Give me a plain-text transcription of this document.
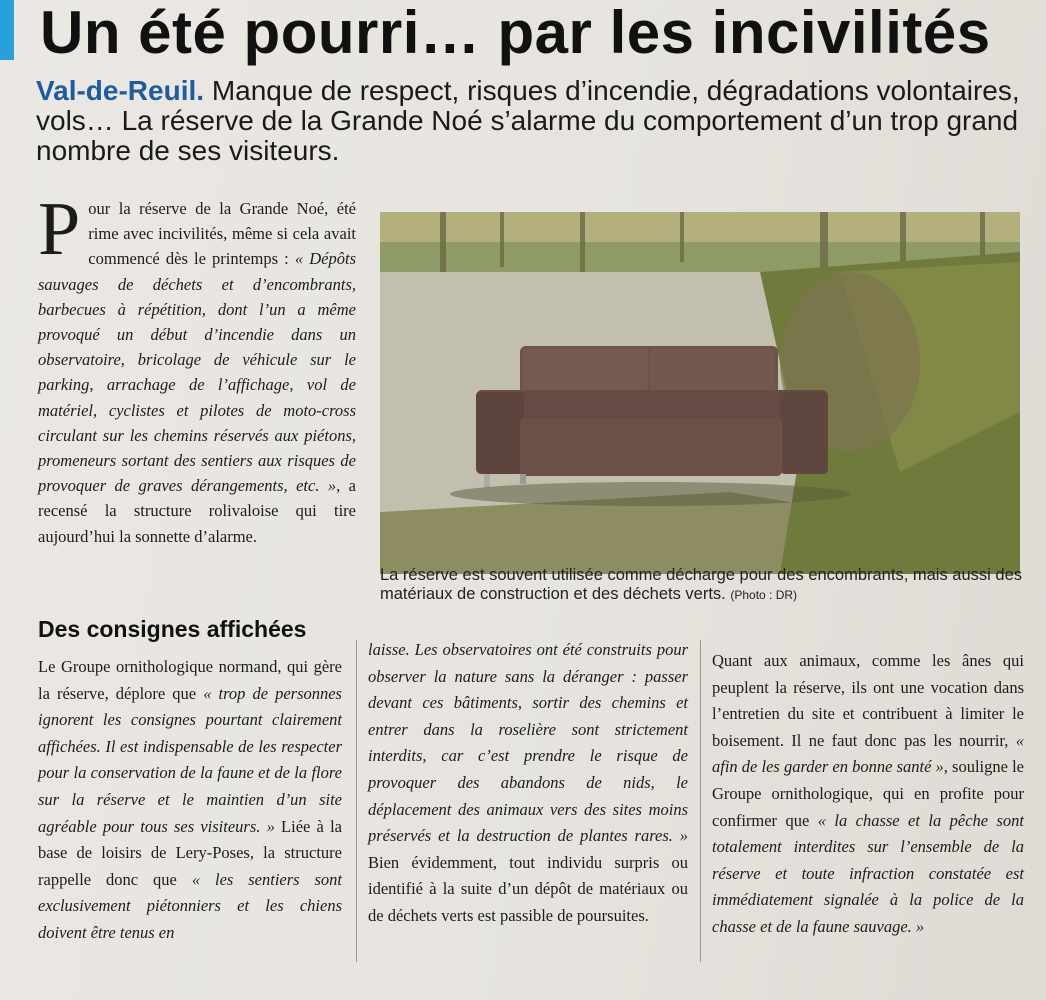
Un été pourri… par les incivilités
Val-de-Reuil. Manque de respect, risques d’incendie, dégradations volontaires, vols… La réserve de la Grande Noé s’alarme du comportement d’un trop grand nombre de ses visiteurs.
Pour la réserve de la Grande Noé, été rime avec incivilités, même si cela avait commencé dès le printemps : « Dépôts sauvages de déchets et d’encombrants, barbecues à répétition, dont l’un a même provoqué un début d’incendie dans un observatoire, bricolage de véhicule sur le parking, arrachage de l’affichage, vol de matériel, cyclistes et pilotes de moto-cross circulant sur les chemins réservés aux piétons, promeneurs sortant des sentiers aux risques de provoquer de graves dérangements, etc. », a recensé la structure rolivaloise qui tire aujourd’hui la sonnette d’alarme.
La réserve est souvent utilisée comme décharge pour des encombrants, mais aussi des matériaux de construction et des déchets verts. (Photo : DR)
Des consignes affichées
Le Groupe ornithologique normand, qui gère la réserve, déplore que « trop de personnes ignorent les consignes pourtant clairement affichées. Il est indispensable de les respecter pour la conservation de la faune et de la flore sur la réserve et le maintien d’un site agréable pour tous ses visiteurs. » Liée à la base de loisirs de Lery-Poses, la structure rappelle donc que « les sentiers sont exclusivement piétonniers et les chiens doivent être tenus en
laisse. Les observatoires ont été construits pour observer la nature sans la déranger : passer devant ces bâtiments, sortir des chemins et entrer dans la roselière sont strictement interdits, car c’est prendre le risque de provoquer des abandons de nids, le déplacement des animaux vers des sites moins préservés et la destruction de plantes rares. » Bien évidemment, tout individu surpris ou identifié à la suite d’un dépôt de matériaux ou de déchets verts est passible de poursuites.
Quant aux animaux, comme les ânes qui peuplent la réserve, ils ont une vocation dans l’entretien du site et contribuent à limiter le boisement. Il ne faut donc pas les nourrir, « afin de les garder en bonne santé », souligne le Groupe ornithologique, qui en profite pour confirmer que « la chasse et la pêche sont totalement interdites sur l’ensemble de la réserve et toute infraction constatée est immédiatement signalée à la police de la chasse et de la faune sauvage. »
